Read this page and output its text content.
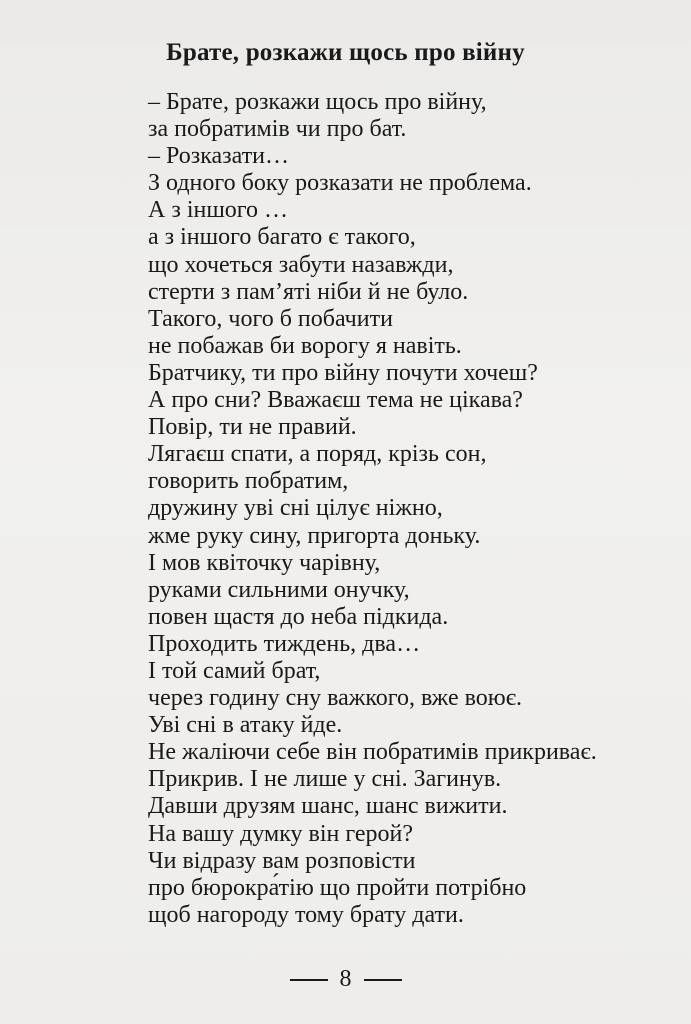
Брате, розкажи щось про війну
– Брате, розкажи щось про війну,
за побратимів чи про бат.
– Розказати…
З одного боку розказати не проблема.
А з іншого …
а з іншого багато є такого,
що хочеться забути назавжди,
стерти з пам’яті ніби й не було.
Такого, чого б побачити
не побажав би ворогу я навіть.
Братчику, ти про війну почути хочеш?
А про сни? Вважаєш тема не цікава?
Повір, ти не правий.
Лягаєш спати, а поряд, крізь сон,
говорить побратим,
дружину уві сні цілує ніжно,
жме руку сину, пригорта доньку.
І мов квіточку чарівну,
руками сильними онучку,
повен щастя до неба підкида.
Проходить тиждень, два…
І той самий брат,
через годину сну важкого, вже воює.
Уві сні в атаку йде.
Не жаліючи себе він побратимів прикриває.
Прикрив. І не лише у сні. Загинув.
Давши друзям шанс, шанс вижити.
На вашу думку він герой?
Чи відразу вам розповісти
про бюрокра́тію що пройти потрібно
щоб нагороду тому брату дати.
8
